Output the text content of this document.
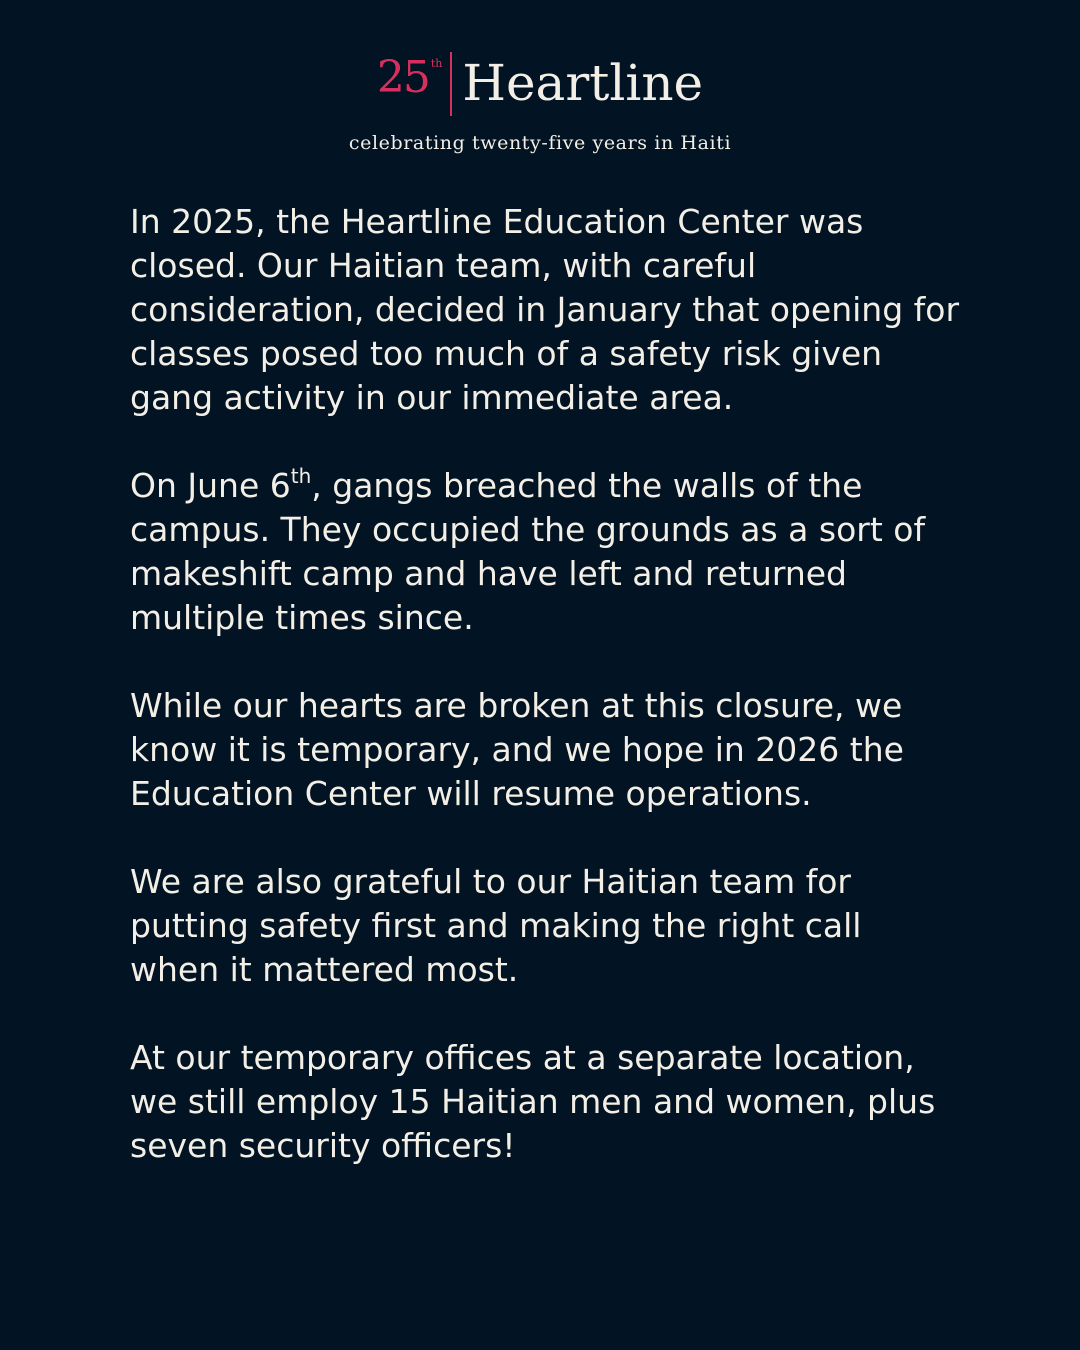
25 th Heartline
celebrating twenty-five years in Haiti

In 2025, the Heartline Education Center was closed. Our Haitian team, with careful consideration, decided in January that opening for classes posed too much of a safety risk given gang activity in our immediate area.

On June 6th, gangs breached the walls of the campus. They occupied the grounds as a sort of makeshift camp and have left and returned multiple times since.

While our hearts are broken at this closure, we know it is temporary, and we hope in 2026 the Education Center will resume operations.

We are also grateful to our Haitian team for putting safety first and making the right call when it mattered most.

At our temporary offices at a separate location, we still employ 15 Haitian men and women, plus seven security officers!
